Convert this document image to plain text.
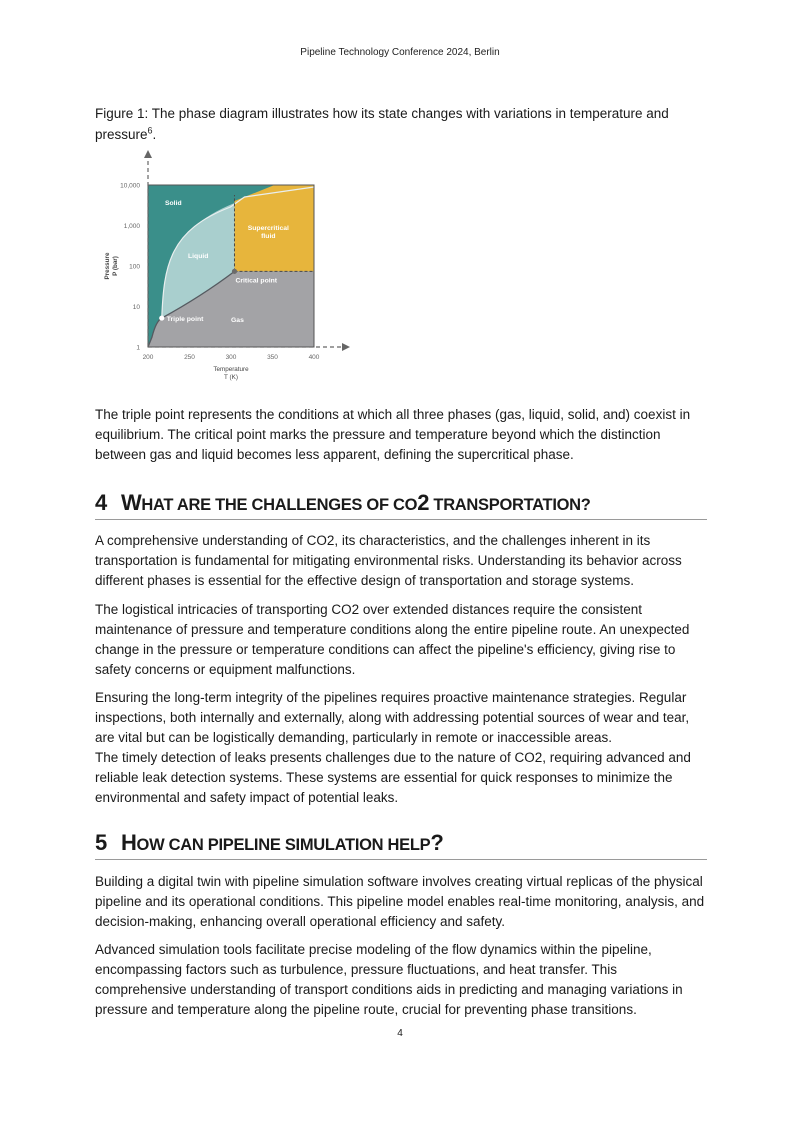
Pipeline Technology Conference 2024, Berlin
Figure 1: The phase diagram illustrates how its state changes with variations in temperature and pressure$^6$.
1
10
100
1,000
10,000
200	250	300	350	400
Temperature
T (K)
Pressure P (bar)
Solid
Liquid
Supercritical
fluid
Critical point
Gas
Triple point

The triple point represents the conditions at which all three phases (gas, liquid, solid, and) coexist in equilibrium. The critical point marks the pressure and temperature beyond which the distinction between gas and liquid becomes less apparent, defining the supercritical phase.

4 WHAT ARE THE CHALLENGES OF CO2 TRANSPORTATION?

A comprehensive understanding of CO2, its characteristics, and the challenges inherent in its transportation is fundamental for mitigating environmental risks. Understanding its behavior across different phases is essential for the effective design of transportation and storage systems.

The logistical intricacies of transporting CO2 over extended distances require the consistent maintenance of pressure and temperature conditions along the entire pipeline route. An unexpected change in the pressure or temperature conditions can affect the pipeline's efficiency, giving rise to safety concerns or equipment malfunctions.

Ensuring the long-term integrity of the pipelines requires proactive maintenance strategies. Regular inspections, both internally and externally, along with addressing potential sources of wear and tear, are vital but can be logistically demanding, particularly in remote or inaccessible areas.
The timely detection of leaks presents challenges due to the nature of CO2, requiring advanced and reliable leak detection systems. These systems are essential for quick responses to minimize the environmental and safety impact of potential leaks.

5 HOW CAN PIPELINE SIMULATION HELP?

Building a digital twin with pipeline simulation software involves creating virtual replicas of the physical pipeline and its operational conditions. This pipeline model enables real-time monitoring, analysis, and decision-making, enhancing overall operational efficiency and safety.

Advanced simulation tools facilitate precise modeling of the flow dynamics within the pipeline, encompassing factors such as turbulence, pressure fluctuations, and heat transfer. This comprehensive understanding of transport conditions aids in predicting and managing variations in pressure and temperature along the pipeline route, crucial for preventing phase transitions.

4
